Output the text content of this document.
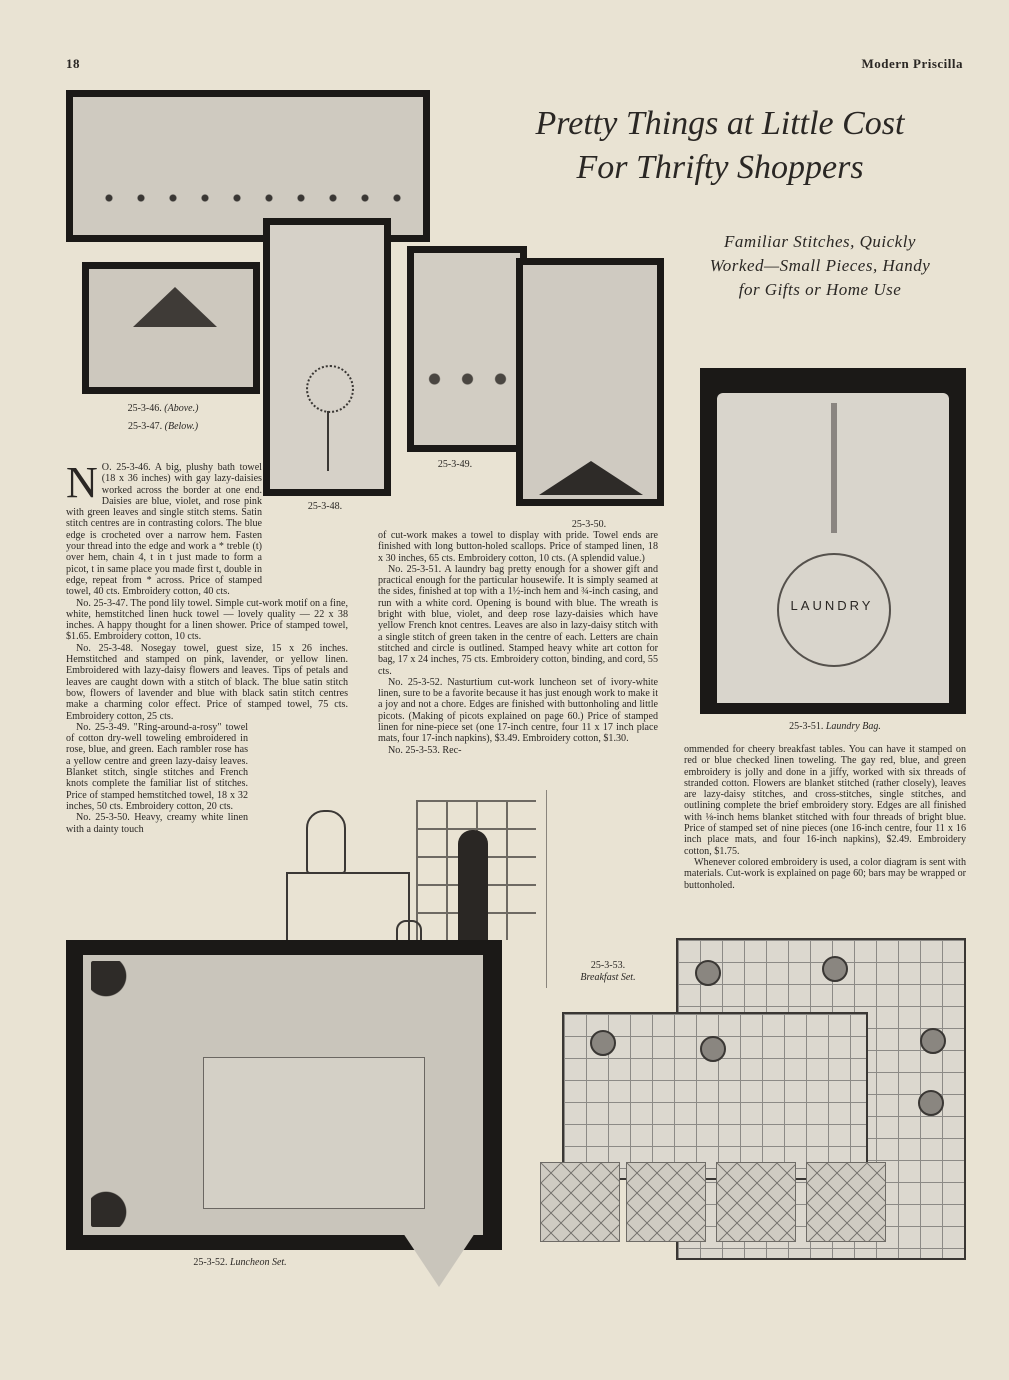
18	Modern Priscilla
Pretty Things at Little Cost
For Thrifty Shoppers
Familiar Stitches, Quickly
Worked—Small Pieces, Handy
for Gifts or Home Use
25-3-46. (Above.)
25-3-47. (Below.)
25-3-48.
25-3-49.
25-3-50.
LAUNDRY
25-3-51. Laundry Bag.

N O. 25-3-46. A big, plushy bath towel (18 x 36 inches) with gay lazy-daisies worked across the border at one end. Daisies are blue, violet, and rose pink with green leaves and single stitch stems. Satin stitch centres are in contrasting colors. The blue edge is crocheted over a narrow hem. Fasten your thread into the edge and work a * treble (t) over hem, chain 4, t in t just made to form a picot, t in same place you made first t, double in edge, repeat from * across. Price of stamped towel, 40 cts. Embroidery cotton, 40 cts.

No. 25-3-47. The pond lily towel. Simple cut-work motif on a fine, white, hemstitched linen huck towel — lovely quality — 22 x 38 inches. A happy thought for a linen shower. Price of stamped towel, $1.65. Embroidery cotton, 10 cts.

No. 25-3-48. Nosegay towel, guest size, 15 x 26 inches. Hemstitched and stamped on pink, lavender, or yellow linen. Embroidered with lazy-daisy flowers and leaves. Tips of petals and leaves are caught down with a stitch of black. The blue satin stitch bow, flowers of lavender and blue with black satin stitch centres make a charming color effect. Price of stamped towel, 75 cts. Embroidery cotton, 25 cts.

No. 25-3-49. "Ring-around-a-rosy" towel of cotton dry-well toweling embroidered in rose, blue, and green. Each rambler rose has a yellow centre and green lazy-daisy leaves. Blanket stitch, single stitches and French knots complete the familiar list of stitches. Price of stamped hemstitched towel, 18 x 32 inches, 50 cts. Embroidery cotton, 20 cts.

No. 25-3-50. Heavy, creamy white linen with a dainty touch

of cut-work makes a towel to display with pride. Towel ends are finished with long button-holed scallops. Price of stamped linen, 18 x 30 inches, 65 cts. Embroidery cotton, 10 cts. (A splendid value.)

No. 25-3-51. A laundry bag pretty enough for a shower gift and practical enough for the particular housewife. It is simply seamed at the sides, finished at top with a 1½-inch hem and ¾-inch casing, and run with a white cord. Opening is bound with blue. The wreath is bright with blue, violet, and deep rose lazy-daisies which have yellow French knot centres. Leaves are also in lazy-daisy stitch with a single stitch of green taken in the centre of each. Letters are chain stitched and circle is outlined. Stamped heavy white art cotton for bag, 17 x 24 inches, 75 cts. Embroidery cotton, binding, and cord, 55 cts.

No. 25-3-52. Nasturtium cut-work luncheon set of ivory-white linen, sure to be a favorite because it has just enough work to make it a joy and not a chore. Edges are finished with buttonholing and little picots. (Making of picots explained on page 60.) Price of stamped linen for nine-piece set (one 17-inch centre, four 11 x 17 inch place mats, four 17-inch napkins), $3.49. Embroidery cotton, $1.30.

No. 25-3-53. Rec-	ommended for cheery breakfast tables. You can have it stamped on red or blue checked linen toweling. The gay red, blue, and green embroidery is jolly and done in a jiffy, worked with six threads of stranded cotton. Flowers are blanket stitched (rather closely), leaves are lazy-daisy stitches, and cross-stitches, single stitches, and outlining complete the brief embroidery story. Edges are all finished with ⅛-inch hems blanket stitched with four threads of bright blue. Price of stamped set of nine pieces (one 16-inch centre, four 11 x 16 inch place mats, and four 16-inch napkins), $2.49. Embroidery cotton, $1.75.

Whenever colored embroidery is used, a color diagram is sent with materials. Cut-work is explained on page 60; bars may be wrapped or buttonholed.

25-3-52. Luncheon Set.
25-3-53.
Breakfast Set.
